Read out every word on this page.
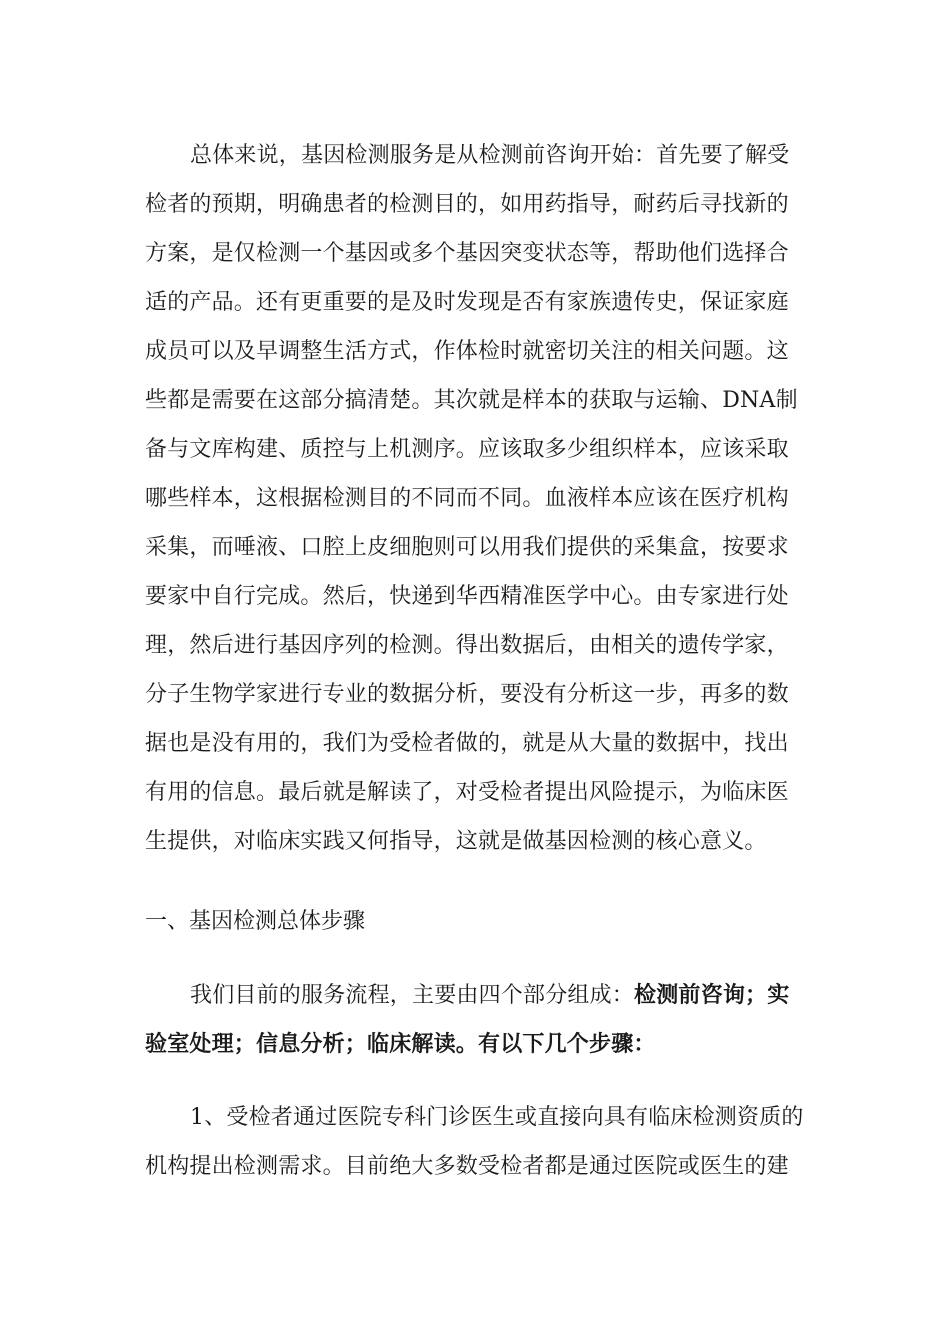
总体来说，基因检测服务是从检测前咨询开始：首先要了解受
检者的预期，明确患者的检测目的，如用药指导，耐药后寻找新的
方案，是仅检测一个基因或多个基因突变状态等，帮助他们选择合
适的产品。还有更重要的是及时发现是否有家族遗传史，保证家庭
成员可以及早调整生活方式，作体检时就密切关注的相关问题。这
些都是需要在这部分搞清楚。其次就是样本的获取与运输、DNA制
备与文库构建、质控与上机测序。应该取多少组织样本，应该采取
哪些样本，这根据检测目的不同而不同。血液样本应该在医疗机构
采集，而唾液、口腔上皮细胞则可以用我们提供的采集盒，按要求
要家中自行完成。然后，快递到华西精准医学中心。由专家进行处
理，然后进行基因序列的检测。得出数据后，由相关的遗传学家，
分子生物学家进行专业的数据分析，要没有分析这一步，再多的数
据也是没有用的，我们为受检者做的，就是从大量的数据中，找出
有用的信息。最后就是解读了，对受检者提出风险提示，为临床医
生提供，对临床实践又何指导，这就是做基因检测的核心意义。
一、基因检测总体步骤
我们目前的服务流程，主要由四个部分组成：检测前咨询；实
验室处理；信息分析；临床解读。有以下几个步骤：
1、受检者通过医院专科门诊医生或直接向具有临床检测资质的
机构提出检测需求。目前绝大多数受检者都是通过医院或医生的建
